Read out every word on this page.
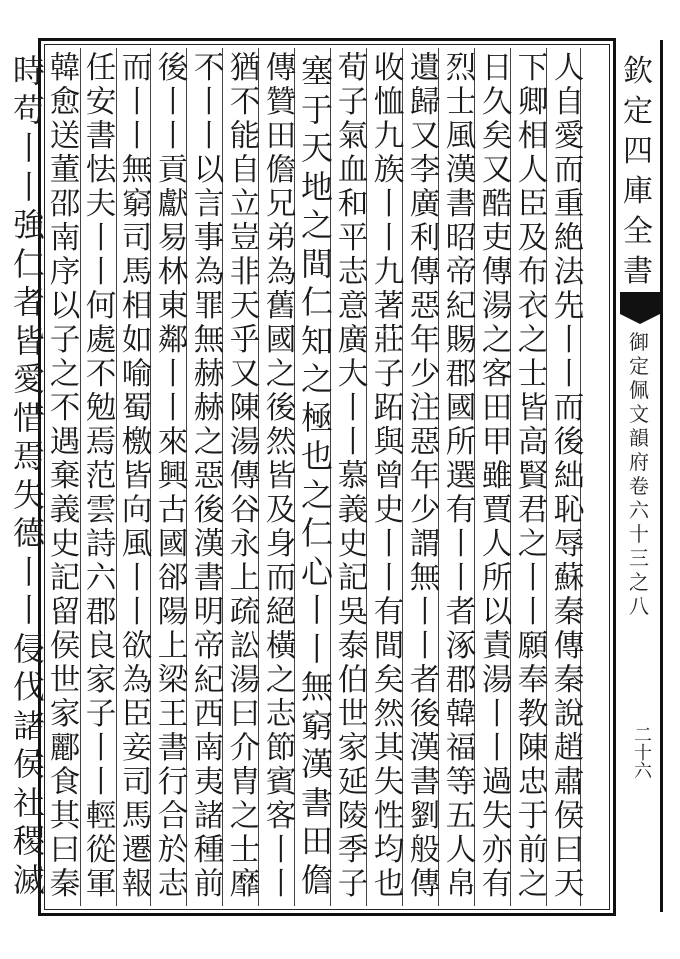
人
自
愛
而
重
絶
法
先
丨
丨
而
後
絀
恥
辱
蘇
秦
傳
秦
說
趙
肅
侯
曰
天
下
卿
相
人
臣
及
布
衣
之
士
皆
高
賢
君
之
丨
丨
願
奉
教
陳
忠
于
前
之
日
久
矣
又
酷
吏
傳
湯
之
客
田
甲
雖
賈
人
所
以
責
湯
丨
丨
過
失
亦
有
烈
士
風
漢
書
昭
帝
紀
賜
郡
國
所
選
有
丨
丨
者
涿
郡
韓
福
等
五
人
帛
遺
歸
又
李
廣
利
傳
惡
年
少
注
惡
年
少
謂
無
丨
丨
者
後
漢
書
劉
般
傳
收
恤
九
族
丨
丨
九
著
莊
子
跖
與
曾
史
丨
丨
有
間
矣
然
其
失
性
均
也
荀
子
氣
血
和
平
志
意
廣
大
丨
丨
慕
義
史
記
吳
泰
伯
世
家
延
陵
季
子
塞
于
天
地
之
間
仁
知
之
極
也
之
仁
心
丨
丨
無
窮
漢
書
田
儋
傳
贊
田
儋
兄
弟
為
舊
國
之
後
然
皆
及
身
而
絕
橫
之
志
節
賓
客
丨
丨
猶
不
能
自
立
豈
非
天
乎
又
陳
湯
傳
谷
永
上
疏
訟
湯
曰
介
胄
之
士
靡
不
丨
丨
以
言
事
為
罪
無
赫
赫
之
惡
後
漢
書
明
帝
紀
西
南
夷
諸
種
前
後
丨
丨
貢
獻
易
林
東
鄰
丨
丨
來
興
古
國
郤
陽
上
梁
王
書
行
合
於
志
而
丨
丨
無
窮
司
馬
相
如
喻
蜀
檄
皆
向
風
丨
丨
欲
為
臣
妾
司
馬
遷
報
任
安
書
怯
夫
丨
丨
何
處
不
勉
焉
范
雲
詩
六
郡
良
家
子
丨
丨
輕
從
軍
韓
愈
送
董
邵
南
序
以
子
之
不
遇
棄
義
史
記
留
侯
世
家
酈
食
其
曰
秦
時
苟
丨
丨
強
仁
者
皆
愛
惜
焉
失
德
丨
丨
侵
伐
諸
侯
社
稷
滅
欽
定
四
庫
全
書
御
定
佩
文
韻
府
卷
六
十
三
之
八
二十六
